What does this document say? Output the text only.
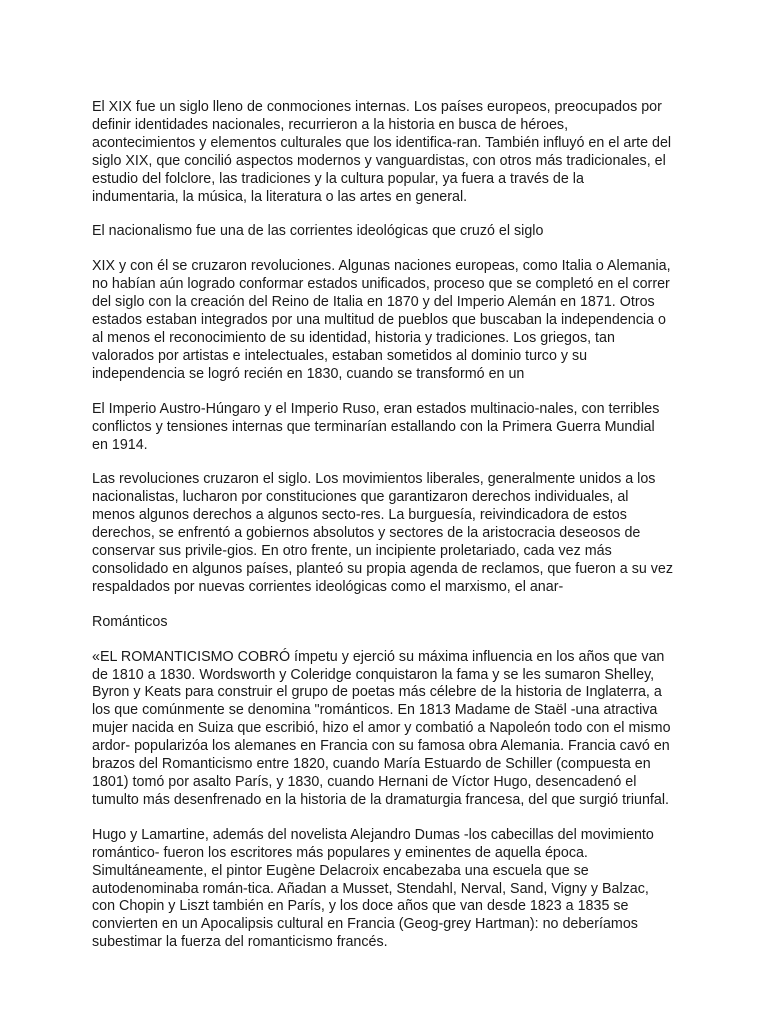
El XIX fue un siglo lleno de conmociones internas. Los países europeos, preocupados por definir identidades nacionales, recurrieron a la historia en busca de héroes, acontecimientos y elementos culturales que los identifica-ran. También influyó en el arte del siglo XIX, que concilió aspectos modernos y vanguardistas, con otros más tradicionales, el estudio del folclore, las tradiciones y la cultura popular, ya fuera a través de la indumentaria, la música, la literatura o las artes en general.

El nacionalismo fue una de las corrientes ideológicas que cruzó el siglo

XIX y con él se cruzaron revoluciones. Algunas naciones europeas, como Italia o Alemania, no habían aún logrado conformar estados unificados, proceso que se completó en el correr del siglo con la creación del Reino de Italia en 1870 y del Imperio Alemán en 1871. Otros estados estaban integrados por una multitud de pueblos que buscaban la independencia o al menos el reconocimiento de su identidad, historia y tradiciones. Los griegos, tan valorados por artistas e intelectuales, estaban sometidos al dominio turco y su independencia se logró recién en 1830, cuando se transformó en un

El Imperio Austro-Húngaro y el Imperio Ruso, eran estados multinacio-nales, con terribles conflictos y tensiones internas que terminarían estallando con la Primera Guerra Mundial en 1914.

Las revoluciones cruzaron el siglo. Los movimientos liberales, generalmente unidos a los nacionalistas, lucharon por constituciones que garantizaron derechos individuales, al menos algunos derechos a algunos secto-res. La burguesía, reivindicadora de estos derechos, se enfrentó a gobiernos absolutos y sectores de la aristocracia deseosos de conservar sus privile-gios. En otro frente, un incipiente proletariado, cada vez más consolidado en algunos países, planteó su propia agenda de reclamos, que fueron a su vez respaldados por nuevas corrientes ideológicas como el marxismo, el anar-

Románticos

«EL ROMANTICISMO COBRÓ ímpetu y ejerció su máxima influencia en los años que van de 1810 a 1830. Wordsworth y Coleridge conquistaron la fama y se les sumaron Shelley, Byron y Keats para construir el grupo de poetas más célebre de la historia de Inglaterra, a los que comúnmente se denomina "románticos. En 1813 Madame de Staël -una atractiva mujer nacida en Suiza que escribió, hizo el amor y combatió a Napoleón todo con el mismo ardor- popularizóa los alemanes en Francia con su famosa obra Alemania. Francia cavó en brazos del Romanticismo entre 1820, cuando María Estuardo de Schiller (compuesta en 1801) tomó por asalto París, y 1830, cuando Hernani de Víctor Hugo, desencadenó el tumulto más desenfrenado en la historia de la dramaturgia francesa, del que surgió triunfal.

Hugo y Lamartine, además del novelista Alejandro Dumas -los cabecillas del movimiento romántico- fueron los escritores más populares y eminentes de aquella época. Simultáneamente, el pintor Eugène Delacroix encabezaba una escuela que se autodenominaba román-tica. Añadan a Musset, Stendahl, Nerval, Sand, Vigny y Balzac, con Chopin y Liszt también en París, y los doce años que van desde 1823 a 1835 se convierten en un Apocalipsis cultural en Francia (Geog-grey Hartman): no deberíamos subestimar la fuerza del romanticismo francés.
